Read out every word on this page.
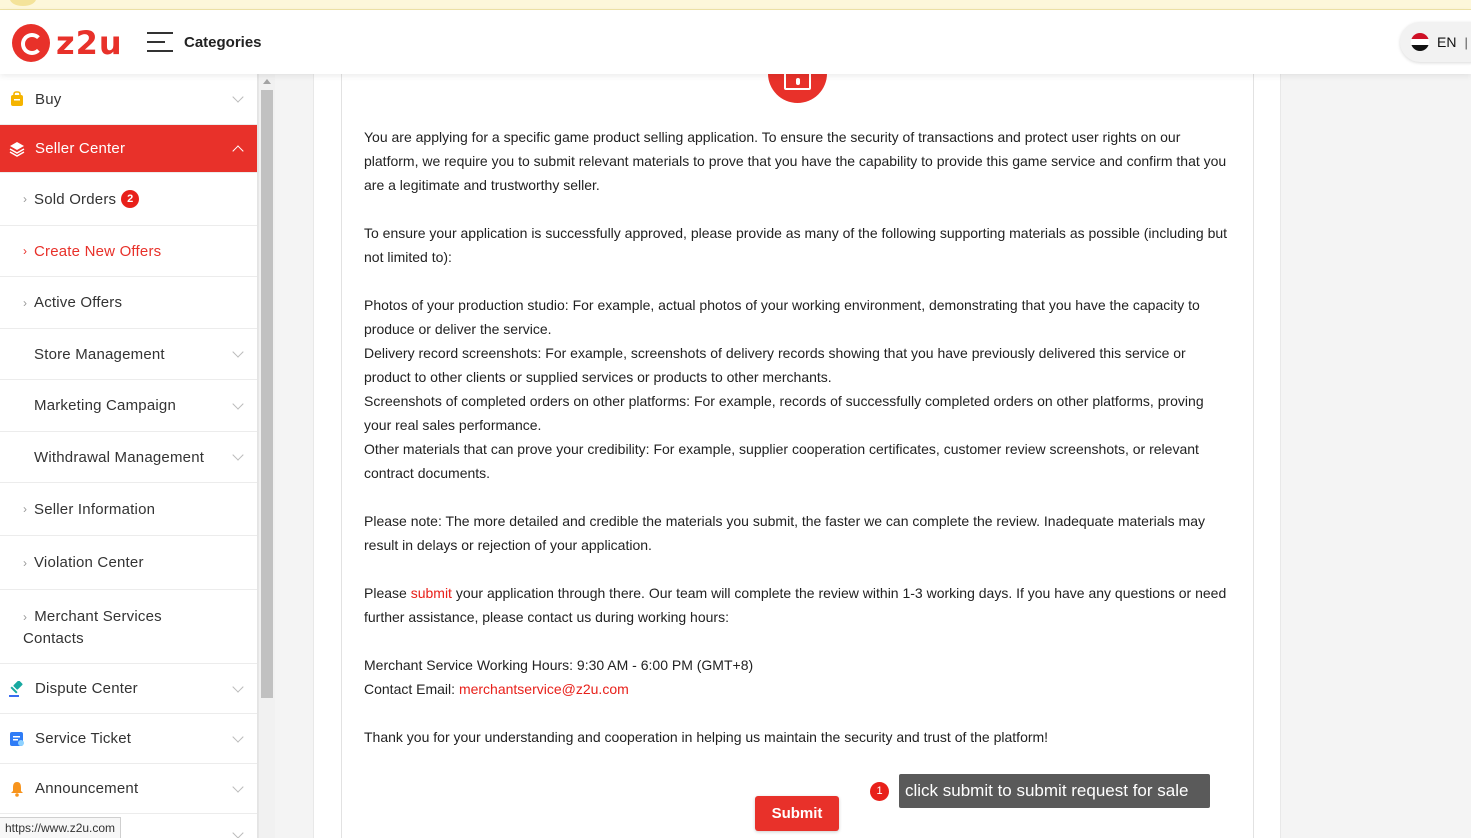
z2u	Categories	EN |
Buy
Seller Center
› Sold Orders 2
› Create New Offers
› Active Offers
Store Management
Marketing Campaign
Withdrawal Management
› Seller Information
› Violation Center
› Merchant Services Contacts
Dispute Center
Service Ticket
Announcement

You are applying for a specific game product selling application. To ensure the security of transactions and protect user rights on our platform, we require you to submit relevant materials to prove that you have the capability to provide this game service and confirm that you are a legitimate and trustworthy seller.

To ensure your application is successfully approved, please provide as many of the following supporting materials as possible (including but not limited to):

Photos of your production studio: For example, actual photos of your working environment, demonstrating that you have the capacity to produce or deliver the service.

Delivery record screenshots: For example, screenshots of delivery records showing that you have previously delivered this service or product to other clients or supplied services or products to other merchants.

Screenshots of completed orders on other platforms: For example, records of successfully completed orders on other platforms, proving your real sales performance.

Other materials that can prove your credibility: For example, supplier cooperation certificates, customer review screenshots, or relevant contract documents.

Please note: The more detailed and credible the materials you submit, the faster we can complete the review. Inadequate materials may result in delays or rejection of your application.

Please submit your application through there. Our team will complete the review within 1-3 working days. If you have any questions or need further assistance, please contact us during working hours:

Merchant Service Working Hours: 9:30 AM - 6:00 PM (GMT+8)

Contact Email: merchantservice@z2u.com

Thank you for your understanding and cooperation in helping us maintain the security and trust of the platform!

Submit
1	click submit to submit request for sale
https://www.z2u.com
